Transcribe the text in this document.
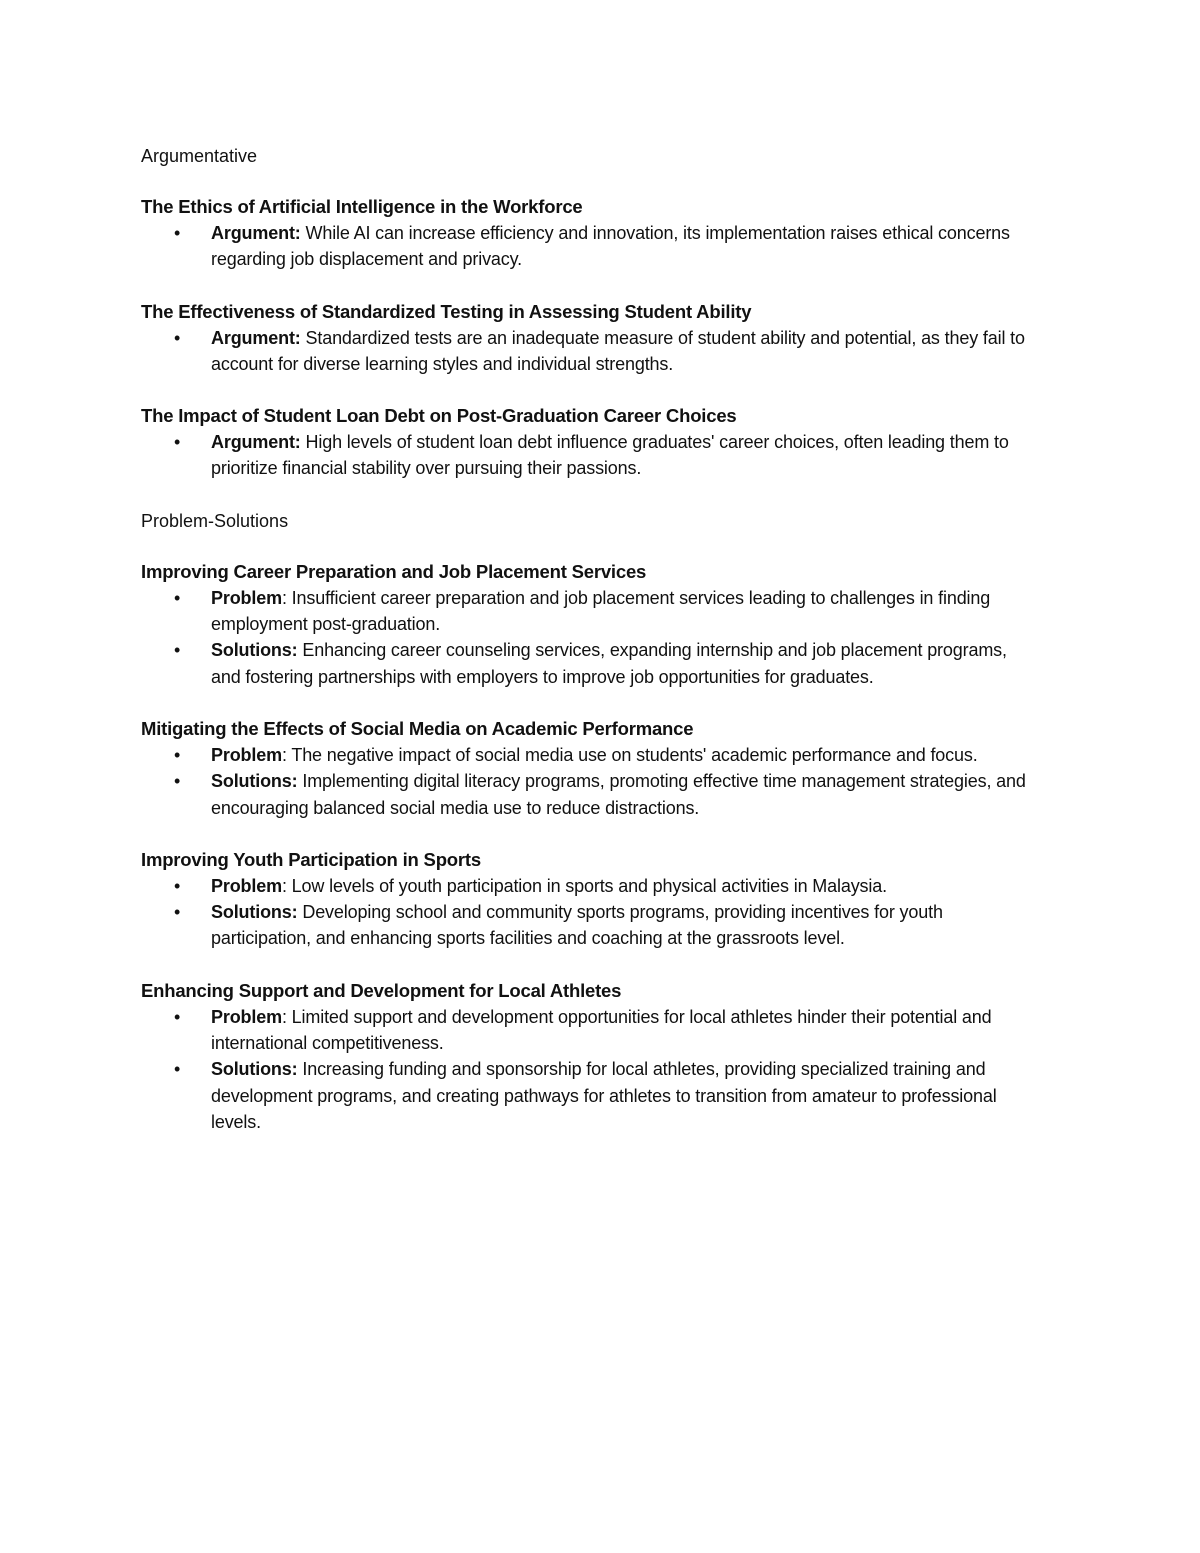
Argumentative

The Ethics of Artificial Intelligence in the Workforce

• Argument: While AI can increase efficiency and innovation, its implementation raises ethical concerns regarding job displacement and privacy.

The Effectiveness of Standardized Testing in Assessing Student Ability

• Argument: Standardized tests are an inadequate measure of student ability and potential, as they fail to account for diverse learning styles and individual strengths.

The Impact of Student Loan Debt on Post-Graduation Career Choices

• Argument: High levels of student loan debt influence graduates' career choices, often leading them to prioritize financial stability over pursuing their passions.

Problem-Solutions

Improving Career Preparation and Job Placement Services

• Problem: Insufficient career preparation and job placement services leading to challenges in finding employment post-graduation.
• Solutions: Enhancing career counseling services, expanding internship and job placement programs, and fostering partnerships with employers to improve job opportunities for graduates.

Mitigating the Effects of Social Media on Academic Performance

• Problem: The negative impact of social media use on students' academic performance and focus.
• Solutions: Implementing digital literacy programs, promoting effective time management strategies, and encouraging balanced social media use to reduce distractions.

Improving Youth Participation in Sports

• Problem: Low levels of youth participation in sports and physical activities in Malaysia.
• Solutions: Developing school and community sports programs, providing incentives for youth participation, and enhancing sports facilities and coaching at the grassroots level.

Enhancing Support and Development for Local Athletes

• Problem: Limited support and development opportunities for local athletes hinder their potential and international competitiveness.
• Solutions: Increasing funding and sponsorship for local athletes, providing specialized training and development programs, and creating pathways for athletes to transition from amateur to professional levels.
